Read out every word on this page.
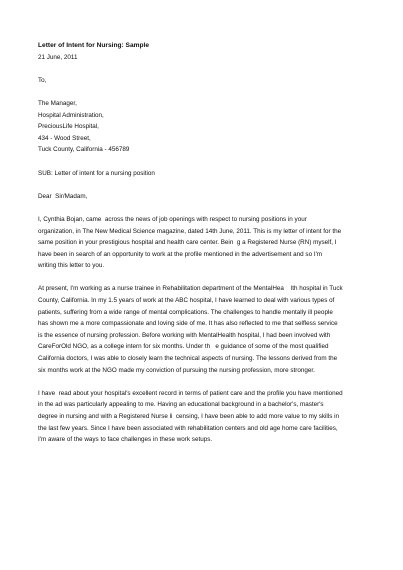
Letter of Intent for Nursing: Sample

21 June, 2011

To,

The Manager,

Hospital Administration,

PreciousLife Hospital,

434 - Wood Street,

Tuck County, California - 456789

SUB: Letter of intent for a nursing position

Dear  Sir/Madam,

I, Cynthia Bojan, came  across the news of job openings with respect to nursing positions in your

organization, in The New Medical Science magazine, dated 14th June, 2011. This is my letter of intent for the

same position in your prestigious hospital and health care center. Bein  g a Registered Nurse (RN) myself, I

have been in search of an opportunity to work at the profile mentioned in the advertisement and so I'm

writing this letter to you.

At present, I'm working as a nurse trainee in Rehabilitation department of the MentalHea    lth hospital in Tuck

County, California. In my 1.5 years of work at the ABC hospital, I have learned to deal with various types of

patients, suffering from a wide range of mental complications. The challenges to handle mentally ill people

has shown me a more compassionate and loving side of me. It has also reflected to me that selfless service

is the essence of nursing profession. Before working with MentalHealth hospital, I had been involved with

CareForOld NGO, as a college intern for six months. Under th   e guidance of some of the most qualified

California doctors, I was able to closely learn the technical aspects of nursing. The lessons derived from the

six months work at the NGO made my conviction of pursuing the nursing profession, more stronger.

I have  read about your hospital's excellent record in terms of patient care and the profile you have mentioned

in the ad was particularly appealing to me. Having an educational background in a bachelor's, master's

degree in nursing and with a Registered Nurse li  censing, I have been able to add more value to my skills in

the last few years. Since I have been associated with rehabilitation centers and old age home care facilities,

I'm aware of the ways to face challenges in these work setups.
